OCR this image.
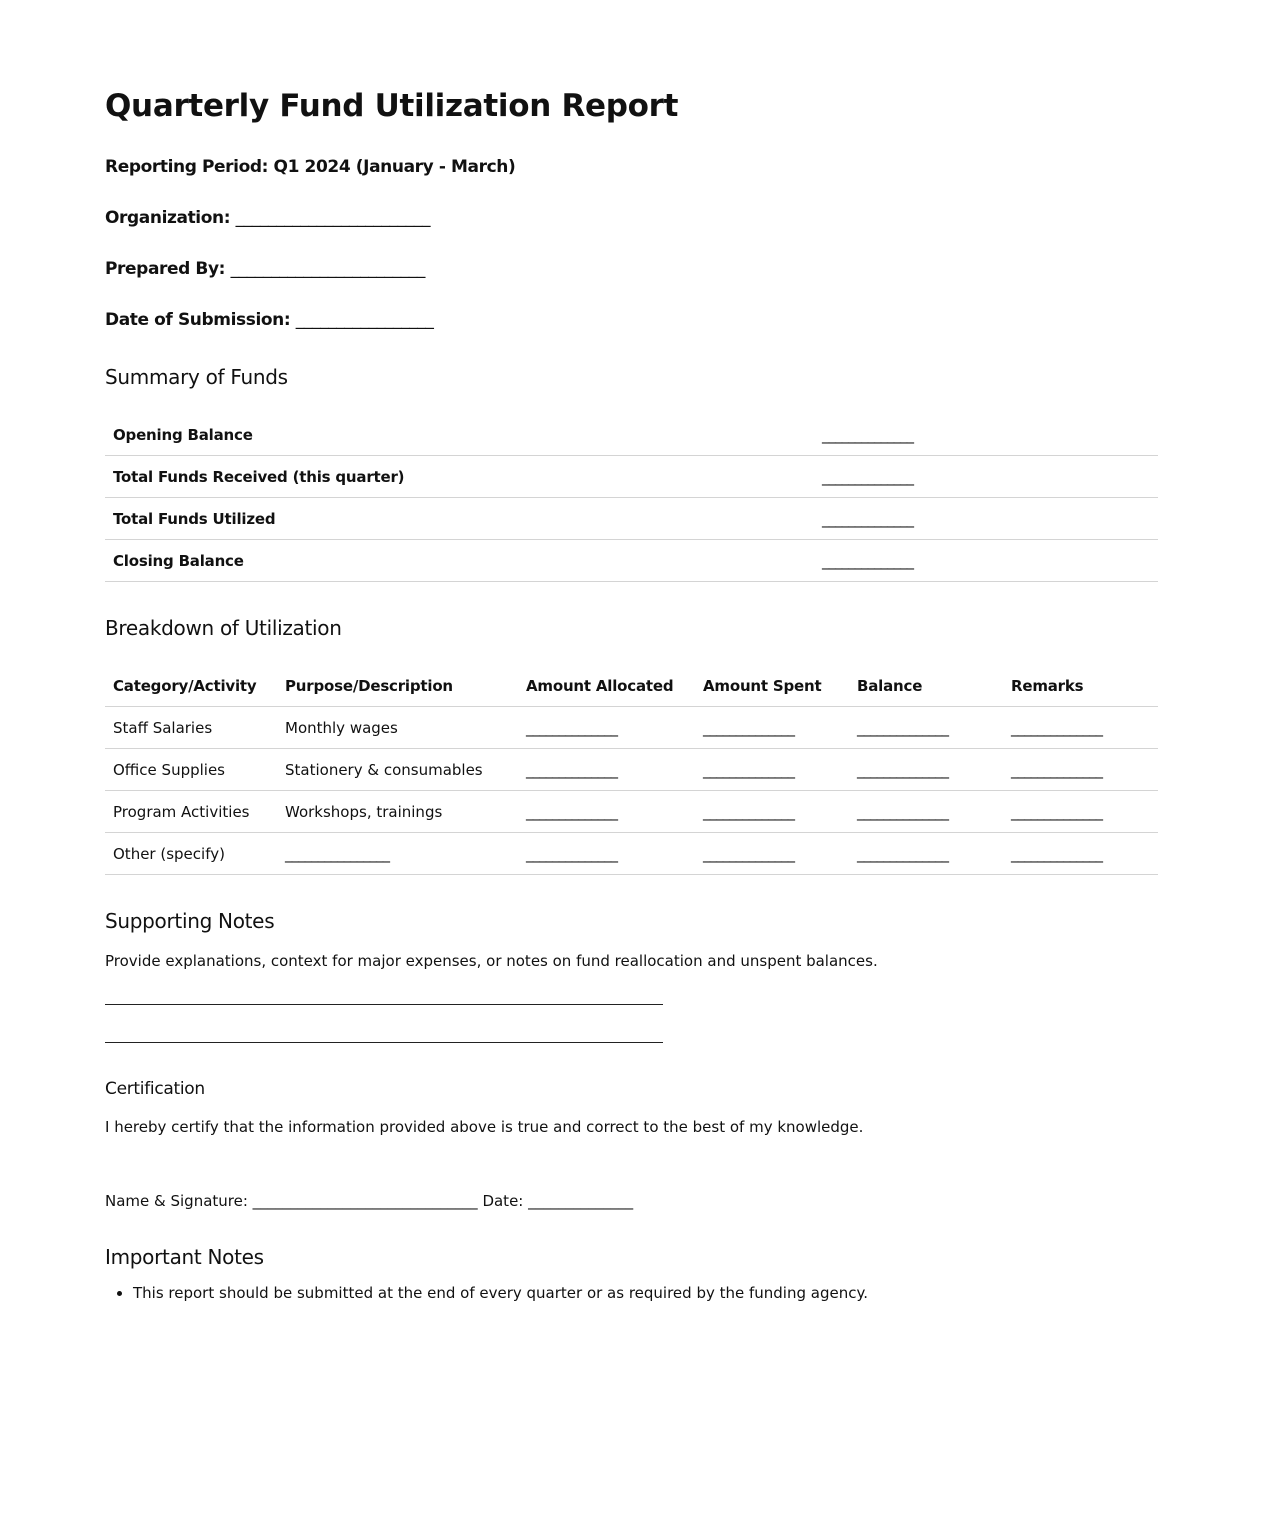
Quarterly Fund Utilization Report

Reporting Period: Q1 2024 (January - March)

Organization: ________________________

Prepared By: ________________________

Date of Submission: _________________

Summary of Funds
Opening Balance	______________
Total Funds Received (this quarter)	______________
Total Funds Utilized	______________
Closing Balance	______________
Breakdown of Utilization
Category/Activity	Purpose/Description	Amount Allocated	Amount Spent	Balance	Remarks
Staff Salaries	Monthly wages	______________	______________	______________	______________
Office Supplies	Stationery & consumables	______________	______________	______________	______________
Program Activities	Workshops, trainings	______________	______________	______________	______________
Other (specify)	________________	______________	______________	______________	______________
Supporting Notes

Provide explanations, context for major expenses, or notes on fund reallocation and unspent balances.

Certification

I hereby certify that the information provided above is true and correct to the best of my knowledge.

Name & Signature: ______________________________ Date: ______________

Important Notes
• This report should be submitted at the end of every quarter or as required by the funding agency.
